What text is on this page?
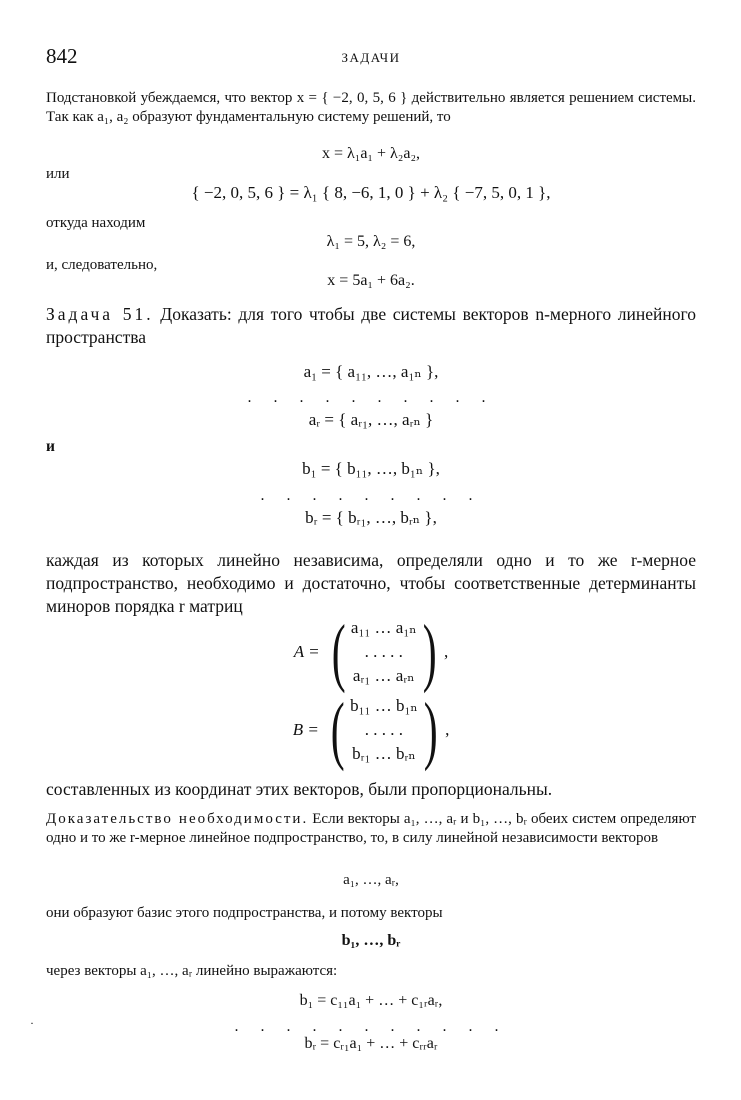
842	ЗАДАЧИ
Подстановкой убеждаемся, что вектор x = { −2, 0, 5, 6 } действительно является решением системы. Так как a₁, a₂ образуют фундаментальную систему решений, то
x = λ₁a₁ + λ₂a₂,
или
{ −2, 0, 5, 6 } = λ₁ { 8, −6, 1, 0 } + λ₂ { −7, 5, 0, 1 },
откуда находим
λ₁ = 5, λ₂ = 6,
и, следовательно,
x = 5a₁ + 6a₂.
Задача 51. Доказать: для того чтобы две системы векторов n-мерного линейного пространства
a₁ = { a₁₁, …, a₁ₙ },
. . . . . . . . . .
aᵣ = { aᵣ₁, …, aᵣₙ }
и
b₁ = { b₁₁, …, b₁ₙ },
. . . . . . . . .
bᵣ = { bᵣ₁, …, bᵣₙ },
каждая из которых линейно независима, определяли одно и то же r-мерное подпространство, необходимо и достаточно, чтобы соответственные детерминанты миноров порядка r матриц
A = ( a₁₁ … a₁ₙ
. . . . .
aᵣ₁ … aᵣₙ ) ,
B = ( b₁₁ … b₁ₙ
. . . . .
bᵣ₁ … bᵣₙ ) ,
составленных из координат этих векторов, были пропорциональны.
Доказательство необходимости. Если векторы a₁, …, aᵣ и b₁, …, bᵣ обеих систем определяют одно и то же r-мерное линейное подпространство, то, в силу линейной независимости векторов
a₁, …, aᵣ,
они образуют базис этого подпространства, и потому векторы
b₁, …, bᵣ
через векторы a₁, …, aᵣ линейно выражаются:
b₁ = c₁₁a₁ + … + c₁ᵣaᵣ,
. . . . . . . . . . .
bᵣ = cᵣ₁a₁ + … + cᵣᵣaᵣ
·
